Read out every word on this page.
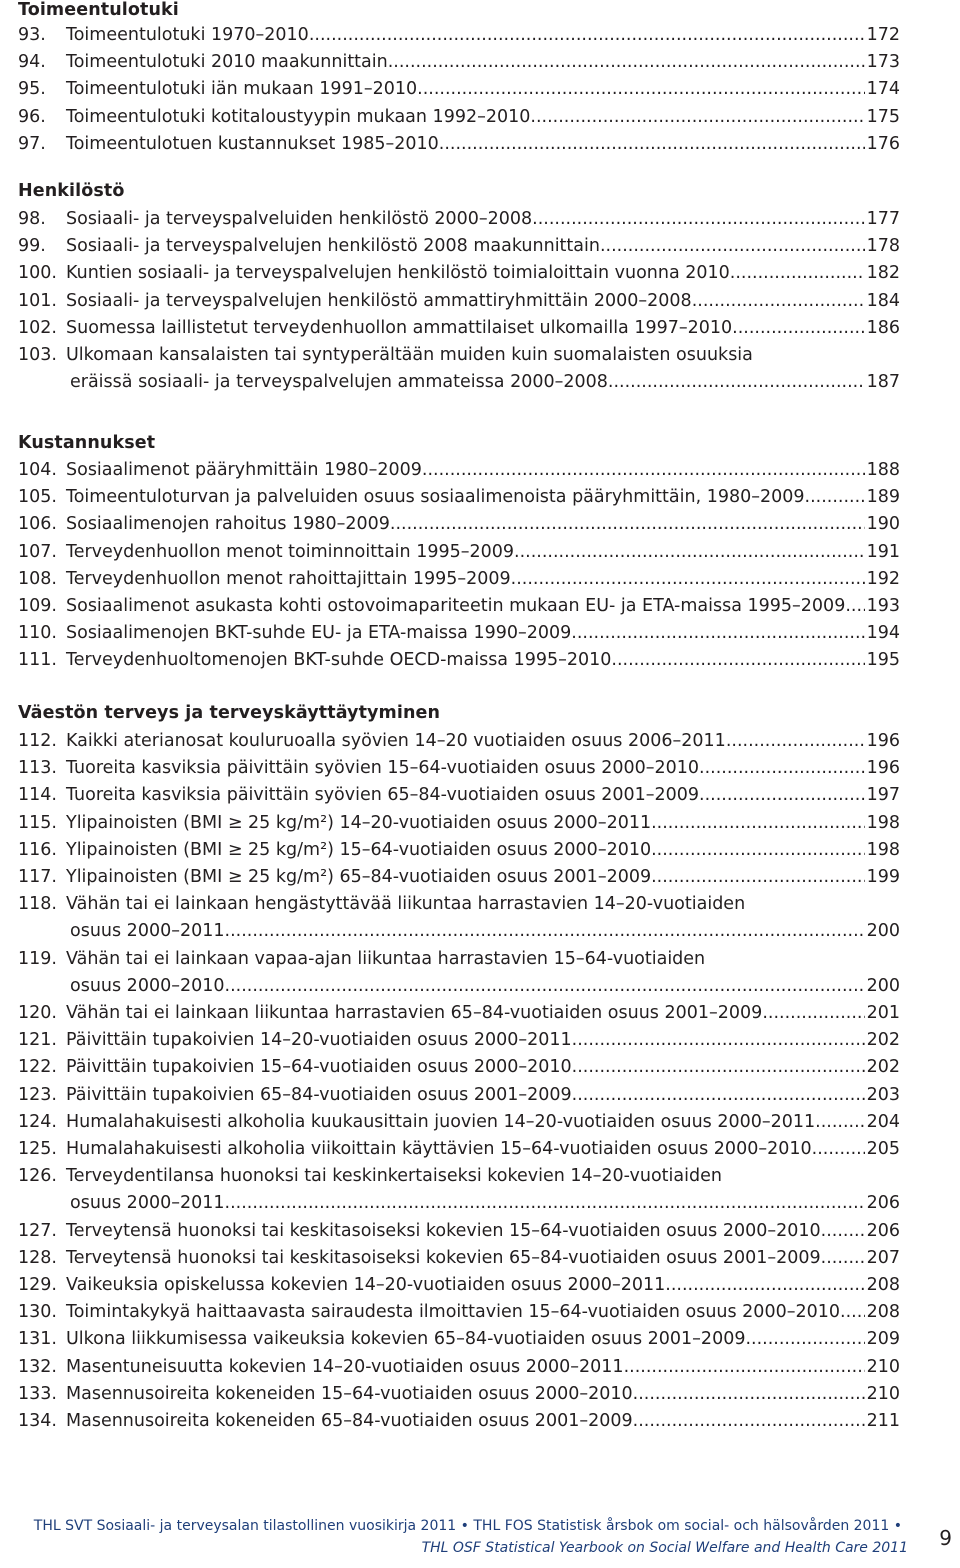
Toimeentulotuki
93.	Toimeentulotuki 1970–2010 .....	172
94.	Toimeentulotuki 2010 maakunnittain .....	173
95.	Toimeentulotuki iän mukaan 1991–2010 .....	174
96.	Toimeentulotuki kotitaloustyypin mukaan 1992–2010 .....	175
97.	Toimeentulotuen kustannukset 1985–2010 .....	176
Henkilöstö
98.	Sosiaali- ja terveyspalveluiden henkilöstö 2000–2008 .....	177
99.	Sosiaali- ja terveyspalvelujen henkilöstö 2008 maakunnittain .....	178
100. Kuntien sosiaali- ja terveyspalvelujen henkilöstö toimialoittain vuonna 2010 .....	182
101. Sosiaali- ja terveyspalvelujen henkilöstö ammattiryhmittäin 2000–2008 .....	184
102. Suomessa laillistetut terveydenhuollon ammattilaiset ulkomailla 1997–2010 .....	186
103. Ulkomaan kansalaisten tai syntyperältään muiden kuin suomalaisten osuuksia
eräissä sosiaali- ja terveyspalvelujen ammateissa 2000–2008 .....	187
Kustannukset
104. Sosiaalimenot pääryhmittäin 1980–2009 .....	188
105. Toimeentuloturvan ja palveluiden osuus sosiaalimenoista pääryhmittäin, 1980–2009 .....	189
106. Sosiaalimenojen rahoitus 1980–2009 .....	190
107. Terveydenhuollon menot toiminnoittain 1995–2009 .....	191
108. Terveydenhuollon menot rahoittajittain 1995–2009 .....	192
109. Sosiaalimenot asukasta kohti ostovoimapariteetin mukaan EU- ja ETA-maissa 1995–2009 ..... 193
110. Sosiaalimenojen BKT-suhde EU- ja ETA-maissa 1990–2009 .....	194
111. Terveydenhuoltomenojen BKT-suhde OECD-maissa 1995–2010 .....	195
Väestön terveys ja terveyskäyttäytyminen
112. Kaikki aterianosat kouluruoalla syövien 14–20 vuotiaiden osuus 2006–2011 .....	196
113. Tuoreita kasviksia päivittäin syövien 15–64-vuotiaiden osuus 2000–2010 .....	196
114. Tuoreita kasviksia päivittäin syövien 65–84-vuotiaiden osuus 2001–2009 .....	197
115. Ylipainoisten (BMI ≥ 25 kg/m²) 14–20-vuotiaiden osuus 2000–2011 .....	198
116. Ylipainoisten (BMI ≥ 25 kg/m²) 15–64-vuotiaiden osuus 2000–2010 .....	198
117. Ylipainoisten (BMI ≥ 25 kg/m²) 65–84-vuotiaiden osuus 2001–2009 .....	199
118. Vähän tai ei lainkaan hengästyttävää liikuntaa harrastavien 14–20-vuotiaiden
osuus 2000–2011 .....	200
119. Vähän tai ei lainkaan vapaa-ajan liikuntaa harrastavien 15–64-vuotiaiden
osuus 2000–2010 .....	200
120. Vähän tai ei lainkaan liikuntaa harrastavien 65–84-vuotiaiden osuus 2001–2009 .....	201
121. Päivittäin tupakoivien 14–20-vuotiaiden osuus 2000–2011 .....	202
122. Päivittäin tupakoivien 15–64-vuotiaiden osuus 2000–2010 .....	202
123. Päivittäin tupakoivien 65–84-vuotiaiden osuus 2001–2009 .....	203
124. Humalahakuisesti alkoholia kuukausittain juovien 14–20-vuotiaiden osuus 2000–2011 .....	204
125. Humalahakuisesti alkoholia viikoittain käyttävien 15–64-vuotiaiden osuus 2000–2010 .....	205
126. Terveydentilansa huonoksi tai keskinkertaiseksi kokevien 14–20-vuotiaiden
osuus 2000–2011 .....	206
127. Terveytensä huonoksi tai keskitasoiseksi kokevien 15–64-vuotiaiden osuus 2000–2010 .....	206
128. Terveytensä huonoksi tai keskitasoiseksi kokevien 65–84-vuotiaiden osuus 2001–2009 .....	207
129. Vaikeuksia opiskelussa kokevien 14–20-vuotiaiden osuus 2000–2011 .....	208
130. Toimintakykyä haittaavasta sairaudesta ilmoittavien 15–64-vuotiaiden osuus 2000–2010 ..... 208
131. Ulkona liikkumisessa vaikeuksia kokevien 65–84-vuotiaiden osuus 2001–2009 .....	209
132. Masentuneisuutta kokevien 14–20-vuotiaiden osuus 2000–2011 .....	210
133. Masennusoireita kokeneiden 15–64-vuotiaiden osuus 2000–2010 .....	210
134. Masennusoireita kokeneiden 65–84-vuotiaiden osuus 2001–2009 .....	211
THL SVT Sosiaali- ja terveysalan tilastollinen vuosikirja 2011 • THL FOS Statistisk årsbok om social- och hälsovården 2011 •
THL OSF Statistical Yearbook on Social Welfare and Health Care 2011 9
